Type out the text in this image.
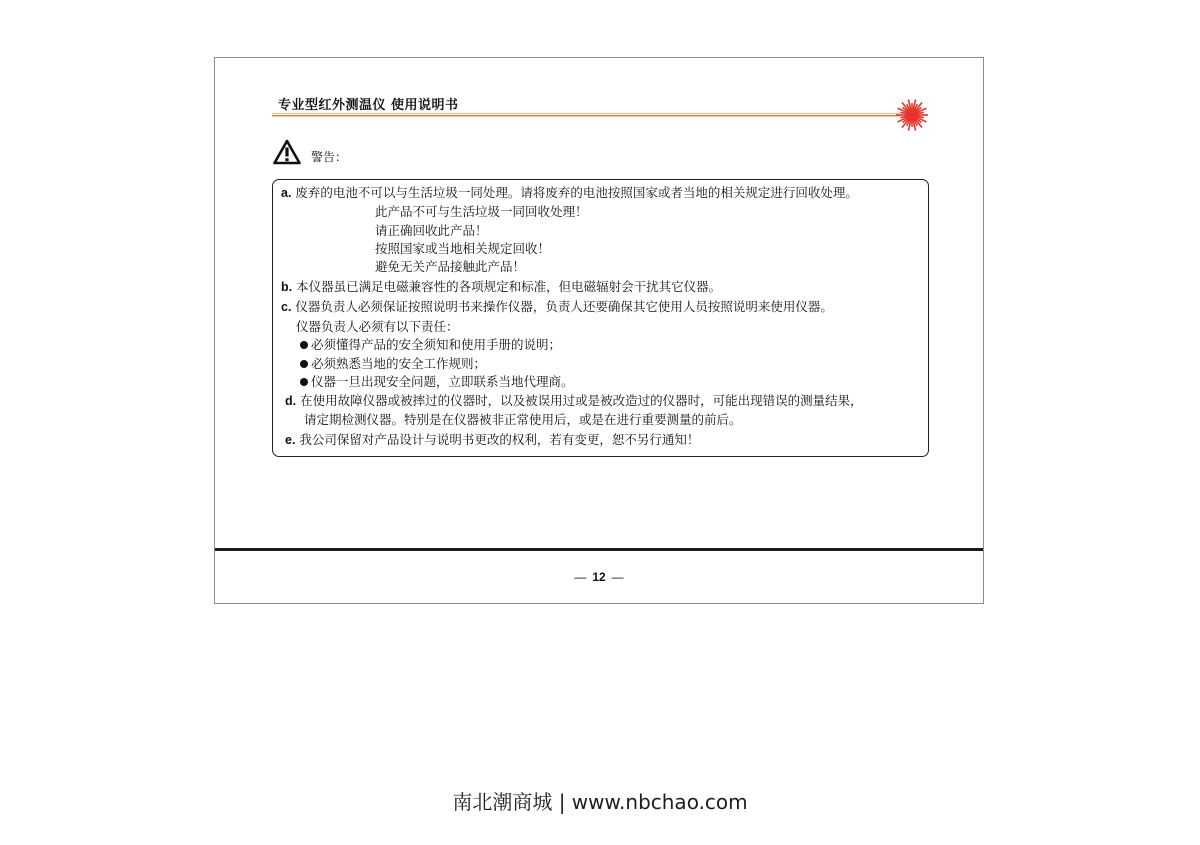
专业型红外测温仪 使用说明书
警告：
a. 废弃的电池不可以与生活垃圾一同处理。请将废弃的电池按照国家或者当地的相关规定进行回收处理。
此产品不可与生活垃圾一同回收处理！
请正确回收此产品！
按照国家或当地相关规定回收！
避免无关产品接触此产品！
b. 本仪器虽已满足电磁兼容性的各项规定和标准，但电磁辐射会干扰其它仪器。
c. 仪器负责人必须保证按照说明书来操作仪器，负责人还要确保其它使用人员按照说明来使用仪器。
仪器负责人必须有以下责任：
必须懂得产品的安全须知和使用手册的说明；
必须熟悉当地的安全工作规则；
仪器一旦出现安全问题，立即联系当地代理商。
d. 在使用故障仪器或被摔过的仪器时，以及被误用过或是被改造过的仪器时，可能出现错误的测量结果，
请定期检测仪器。特别是在仪器被非正常使用后，或是在进行重要测量的前后。
e. 我公司保留对产品设计与说明书更改的权利，若有变更，恕不另行通知！
— 12 —
南北潮商城 | www.nbchao.com
